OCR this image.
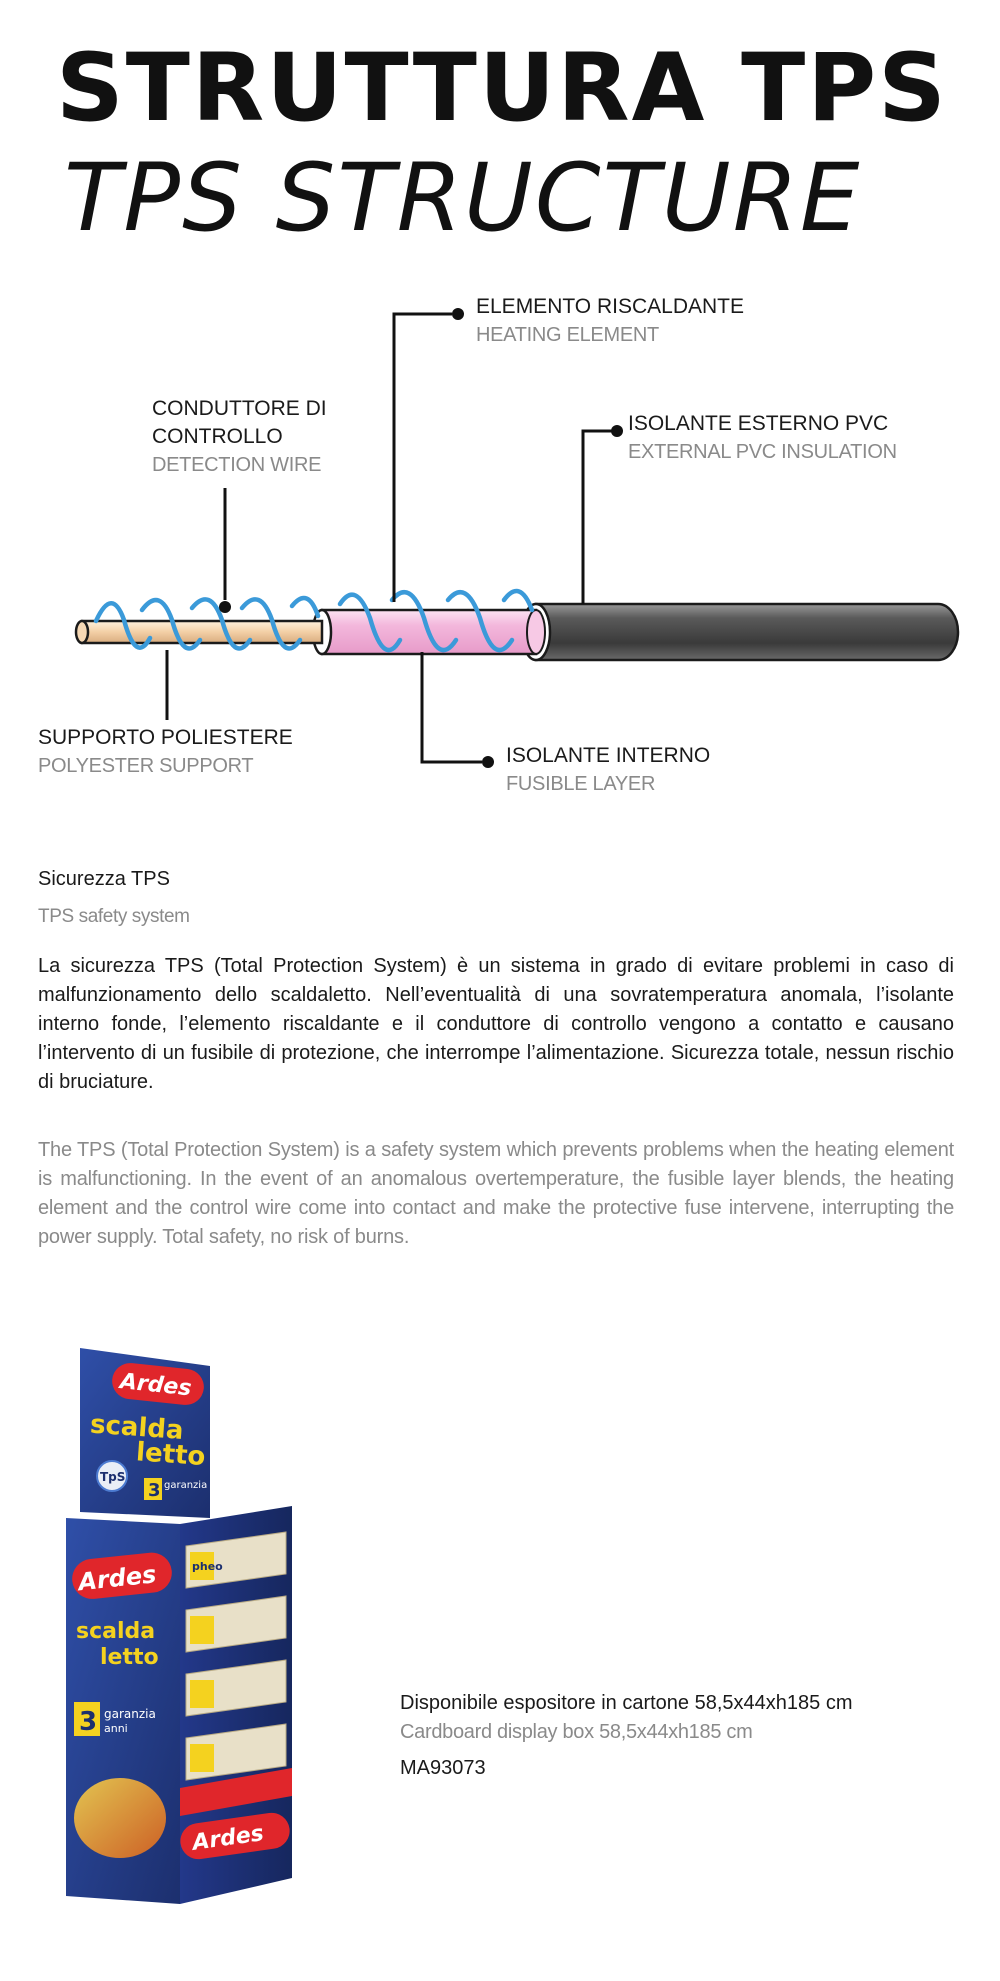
STRUTTURA TPS
TPS STRUCTURE
ELEMENTO RISCALDANTE
HEATING ELEMENT
CONDUTTORE DI
CONTROLLO
DETECTION WIRE
ISOLANTE ESTERNO PVC
EXTERNAL PVC INSULATION
SUPPORTO POLIESTERE
POLYESTER SUPPORT	ISOLANTE INTERNO
FUSIBLE LAYER
Sicurezza TPS
TPS safety system
La sicurezza TPS (Total Protection System) è un sistema in grado di evitare problemi in caso di malfunzionamento dello scaldaletto. Nell’eventualità di una sovratemperatura anomala, l’isolante interno fonde, l’elemento riscaldante e il conduttore di controllo vengono a contatto e causano l’intervento di un fusibile di protezione, che interrompe l’alimentazione. Sicurezza totale, nessun rischio di bruciature.
The TPS (Total Protection System) is a safety system which prevents problems when the heating element is malfunctioning. In the event of an anomalous overtemperature, the fusible layer blends, the heating element and the control wire come into contact and make the protective fuse intervene, interrupting the power supply. Total safety, no risk of burns.
Ardes
scalda
letto
TpS
3 garanzia
pheo
Ardes
scalda
letto
3 garanzia
anni
Ardes
Disponibile espositore in cartone 58,5x44xh185 cm
Cardboard display box 58,5x44xh185 cm
MA93073
